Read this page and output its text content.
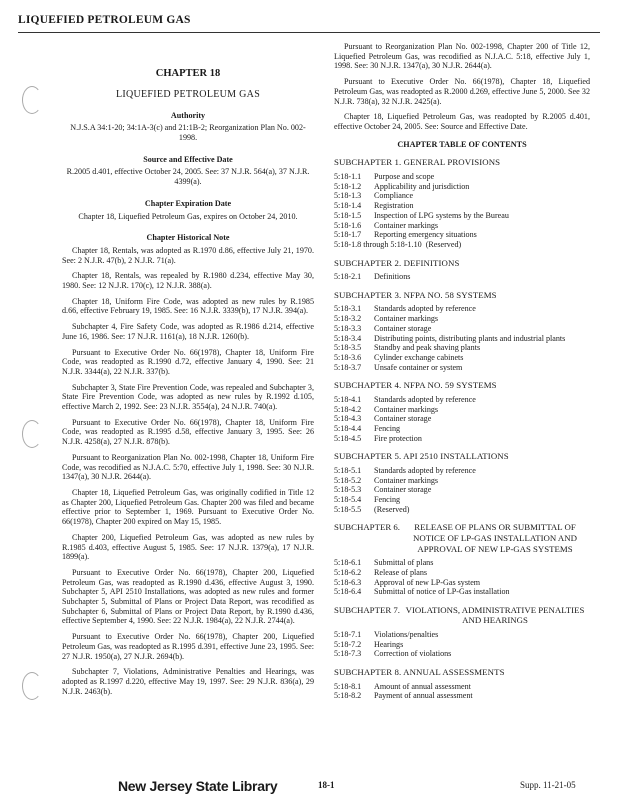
LIQUEFIED PETROLEUM GAS
CHAPTER 18
LIQUEFIED PETROLEUM GAS
Authority

N.J.S.A 34:1-20; 34:1A-3(c) and 21:1B-2; Reorganization Plan No. 002-1998.

Source and Effective Date

R.2005 d.401, effective October 24, 2005. See: 37 N.J.R. 564(a), 37 N.J.R. 4399(a).

Chapter Expiration Date

Chapter 18, Liquefied Petroleum Gas, expires on October 24, 2010.

Chapter Historical Note

Chapter 18, Rentals, was adopted as R.1970 d.86, effective July 21, 1970. See: 2 N.J.R. 47(b), 2 N.J.R. 71(a).

Chapter 18, Rentals, was repealed by R.1980 d.234, effective May 30, 1980. See: 12 N.J.R. 170(c), 12 N.J.R. 388(a).

Chapter 18, Uniform Fire Code, was adopted as new rules by R.1985 d.66, effective February 19, 1985. See: 16 N.J.R. 3339(b), 17 N.J.R. 394(a).

Subchapter 4, Fire Safety Code, was adopted as R.1986 d.214, effective June 16, 1986. See: 17 N.J.R. 1161(a), 18 N.J.R. 1260(b).

Pursuant to Executive Order No. 66(1978), Chapter 18, Uniform Fire Code, was readopted as R.1990 d.72, effective January 4, 1990. See: 21 N.J.R. 3344(a), 22 N.J.R. 337(b).

Subchapter 3, State Fire Prevention Code, was repealed and Subchapter 3, State Fire Prevention Code, was adopted as new rules by R.1992 d.105, effective March 2, 1992. See: 23 N.J.R. 3554(a), 24 N.J.R. 740(a).

Pursuant to Executive Order No. 66(1978), Chapter 18, Uniform Fire Code, was readopted as R.1995 d.58, effective January 3, 1995. See: 26 N.J.R. 4258(a), 27 N.J.R. 878(b).

Pursuant to Reorganization Plan No. 002-1998, Chapter 18, Uniform Fire Code, was recodified as N.J.A.C. 5:70, effective July 1, 1998. See: 30 N.J.R. 1347(a), 30 N.J.R. 2644(a).

Chapter 18, Liquefied Petroleum Gas, was originally codified in Title 12 as Chapter 200, Liquefied Petroleum Gas. Chapter 200 was filed and became effective prior to September 1, 1969. Pursuant to Executive Order No. 66(1978), Chapter 200 expired on May 15, 1985.

Chapter 200, Liquefied Petroleum Gas, was adopted as new rules by R.1985 d.403, effective August 5, 1985. See: 17 N.J.R. 1379(a), 17 N.J.R. 1899(a).

Pursuant to Executive Order No. 66(1978), Chapter 200, Liquefied Petroleum Gas, was readopted as R.1990 d.436, effective August 3, 1990. Subchapter 5, API 2510 Installations, was adopted as new rules and former Subchapter 5, Submittal of Plans or Project Data Report, was recodified as Subchapter 6, Submittal of Plans or Project Data Report, by R.1990 d.436, effective September 4, 1990. See: 22 N.J.R. 1984(a), 22 N.J.R. 2744(a).

Pursuant to Executive Order No. 66(1978), Chapter 200, Liquefied Petroleum Gas, was readopted as R.1995 d.391, effective June 23, 1995. See: 27 N.J.R. 1950(a), 27 N.J.R. 2694(b).

Subchapter 7, Violations, Administrative Penalties and Hearings, was adopted as R.1997 d.220, effective May 19, 1997. See: 29 N.J.R. 836(a), 29 N.J.R. 2463(b).

Pursuant to Reorganization Plan No. 002-1998, Chapter 200 of Title 12, Liquefied Petroleum Gas, was recodified as N.J.A.C. 5:18, effective July 1, 1998. See: 30 N.J.R. 1347(a), 30 N.J.R. 2644(a).

Pursuant to Executive Order No. 66(1978), Chapter 18, Liquefied Petroleum Gas, was readopted as R.2000 d.269, effective June 5, 2000. See 32 N.J.R. 738(a), 32 N.J.R. 2425(a).

Chapter 18, Liquefied Petroleum Gas, was readopted by R.2005 d.401, effective October 24, 2005. See: Source and Effective Date.

CHAPTER TABLE OF CONTENTS
SUBCHAPTER 1. GENERAL PROVISIONS
5:18-1.1	Purpose and scope
5:18-1.2	Applicability and jurisdiction
5:18-1.3	Compliance
5:18-1.4	Registration
5:18-1.5	Inspection of LPG systems by the Bureau
5:18-1.6	Container markings
5:18-1.7	Reporting emergency situations
5:18-1.8 through 5:18-1.10 (Reserved)
SUBCHAPTER 2. DEFINITIONS
5:18-2.1	Definitions
SUBCHAPTER 3. NFPA NO. 58 SYSTEMS
5:18-3.1	Standards adopted by reference
5:18-3.2	Container markings
5:18-3.3	Container storage
5:18-3.4	Distributing points, distributing plants and industrial plants
5:18-3.5	Standby and peak shaving plants
5:18-3.6	Cylinder exchange cabinets
5:18-3.7	Unsafe container or system
SUBCHAPTER 4. NFPA NO. 59 SYSTEMS
5:18-4.1	Standards adopted by reference
5:18-4.2	Container markings
5:18-4.3	Container storage
5:18-4.4	Fencing
5:18-4.5	Fire protection
SUBCHAPTER 5. API 2510 INSTALLATIONS
5:18-5.1	Standards adopted by reference
5:18-5.2	Container markings
5:18-5.3	Container storage
5:18-5.4	Fencing
5:18-5.5	(Reserved)
SUBCHAPTER 6.	RELEASE OF PLANS OR SUBMITTAL OF NOTICE OF LP-GAS INSTALLATION AND APPROVAL OF NEW LP-GAS SYSTEMS
5:18-6.1	Submittal of plans
5:18-6.2	Release of plans
5:18-6.3	Approval of new LP-Gas system
5:18-6.4	Submittal of notice of LP-Gas installation
SUBCHAPTER 7. VIOLATIONS, ADMINISTRATIVE PENALTIES AND HEARINGS
5:18-7.1	Violations/penalties
5:18-7.2	Hearings
5:18-7.3	Correction of violations
SUBCHAPTER 8. ANNUAL ASSESSMENTS
5:18-8.1	Amount of annual assessment
5:18-8.2	Payment of annual assessment
New Jersey State Library	18-1	Supp. 11-21-05
